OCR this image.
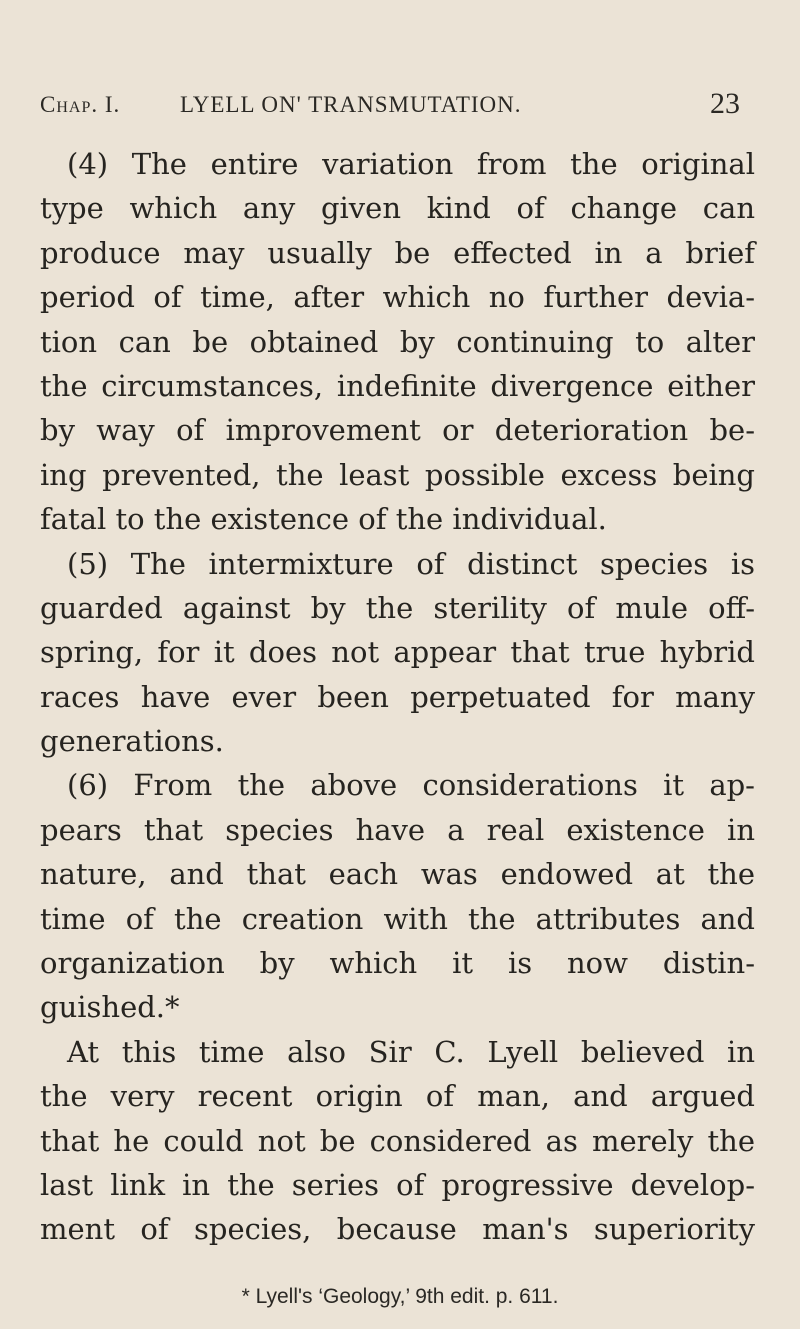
Chap. I.	LYELL ON' TRANSMUTATION.	23
(4) The entire variation from the original
type which any given kind of change can
produce may usually be effected in a brief
period of time, after which no further devia-
tion can be obtained by continuing to alter
the circumstances, indefinite divergence either
by way of improvement or deterioration be-
ing prevented, the least possible excess being
fatal to the existence of the individual.
(5) The intermixture of distinct species is
guarded against by the sterility of mule off-
spring, for it does not appear that true hybrid
races have ever been perpetuated for many
generations.
(6) From the above considerations it ap-
pears that species have a real existence in
nature, and that each was endowed at the
time of the creation with the attributes and
organization by which it is now distin-
guished.*
At this time also Sir C. Lyell believed in
the very recent origin of man, and argued
that he could not be considered as merely the
last link in the series of progressive develop-
ment of species, because man's superiority
* Lyell's ‘Geology,’ 9th edit. p. 611.
